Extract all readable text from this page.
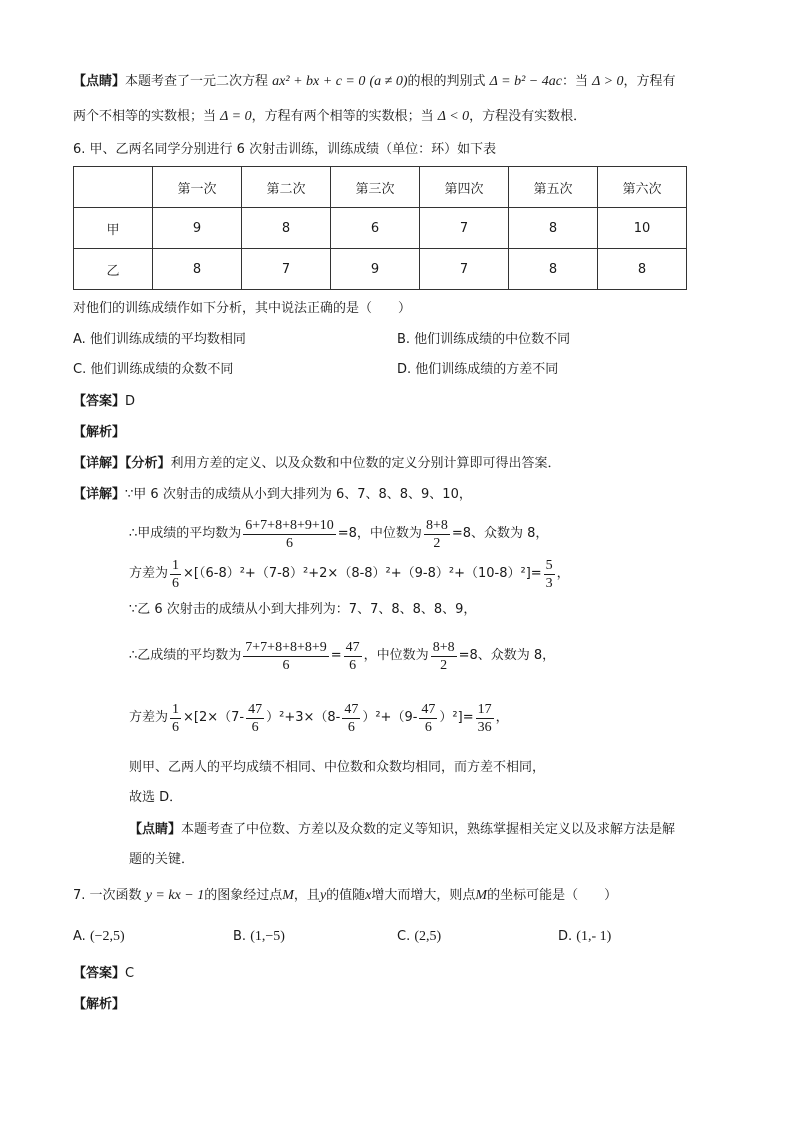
【点睛】本题考查了一元二次方程 ax² + bx + c = 0 (a ≠ 0)的根的判别式 Δ = b² − 4ac：当 Δ > 0，方程有
两个不相等的实数根；当 Δ = 0，方程有两个相等的实数根；当 Δ < 0，方程没有实数根．
6. 甲、乙两名同学分别进行 6 次射击训练，训练成绩（单位：环）如下表
	第一次	第二次	第三次	第四次	第五次	第六次
甲	9	8	6	7	8	10
乙	8	7	9	7	8	8
对他们的训练成绩作如下分析，其中说法正确的是（　　）
A. 他们训练成绩的平均数相同	B. 他们训练成绩的中位数不同
C. 他们训练成绩的众数不同	D. 他们训练成绩的方差不同
【答案】D
【解析】
【详解】【分析】利用方差的定义、以及众数和中位数的定义分别计算即可得出答案．
【详解】∵甲 6 次射击的成绩从小到大排列为 6、7、8、8、9、10，
∴甲成绩的平均数为 $\frac{6+7+8+8+9+10}{6} =8$，中位数为 $\frac{8+8}{2} =8$、众数为 8，
方差为 $\frac{1}{6} \times[(6-8)^2+(7-8)^2+2\times(8-8)^2+(9-8)^2+(10-8)^2]= \frac{5}{3}$ ，
∵乙 6 次射击的成绩从小到大排列为：7、7、8、8、8、9，
∴乙成绩的平均数为 $\frac{7+7+8+8+8+9}{6} = \frac{47}{6}$ ，中位数为 $\frac{8+8}{2} =8$、众数为 8，
方差为 $\frac{1}{6} \times[2\times(7- \frac{47}{6} )^2+3\times(8- \frac{47}{6} )^2+(9- \frac{47}{6} )^2]= \frac{17}{36}$ ，
则甲、乙两人的平均成绩不相同、中位数和众数均相同，而方差不相同，
故选 D．
【点睛】本题考查了中位数、方差以及众数的定义等知识，熟练掌握相关定义以及求解方法是解
题的关键．
7. 一次函数 y = kx − 1的图象经过点M，且y的值随x增大而增大，则点M的坐标可能是（　　）
A. (−2,5)	B. (1,−5)	C. (2,5)	D. (1,- 1)
【答案】C
【解析】
